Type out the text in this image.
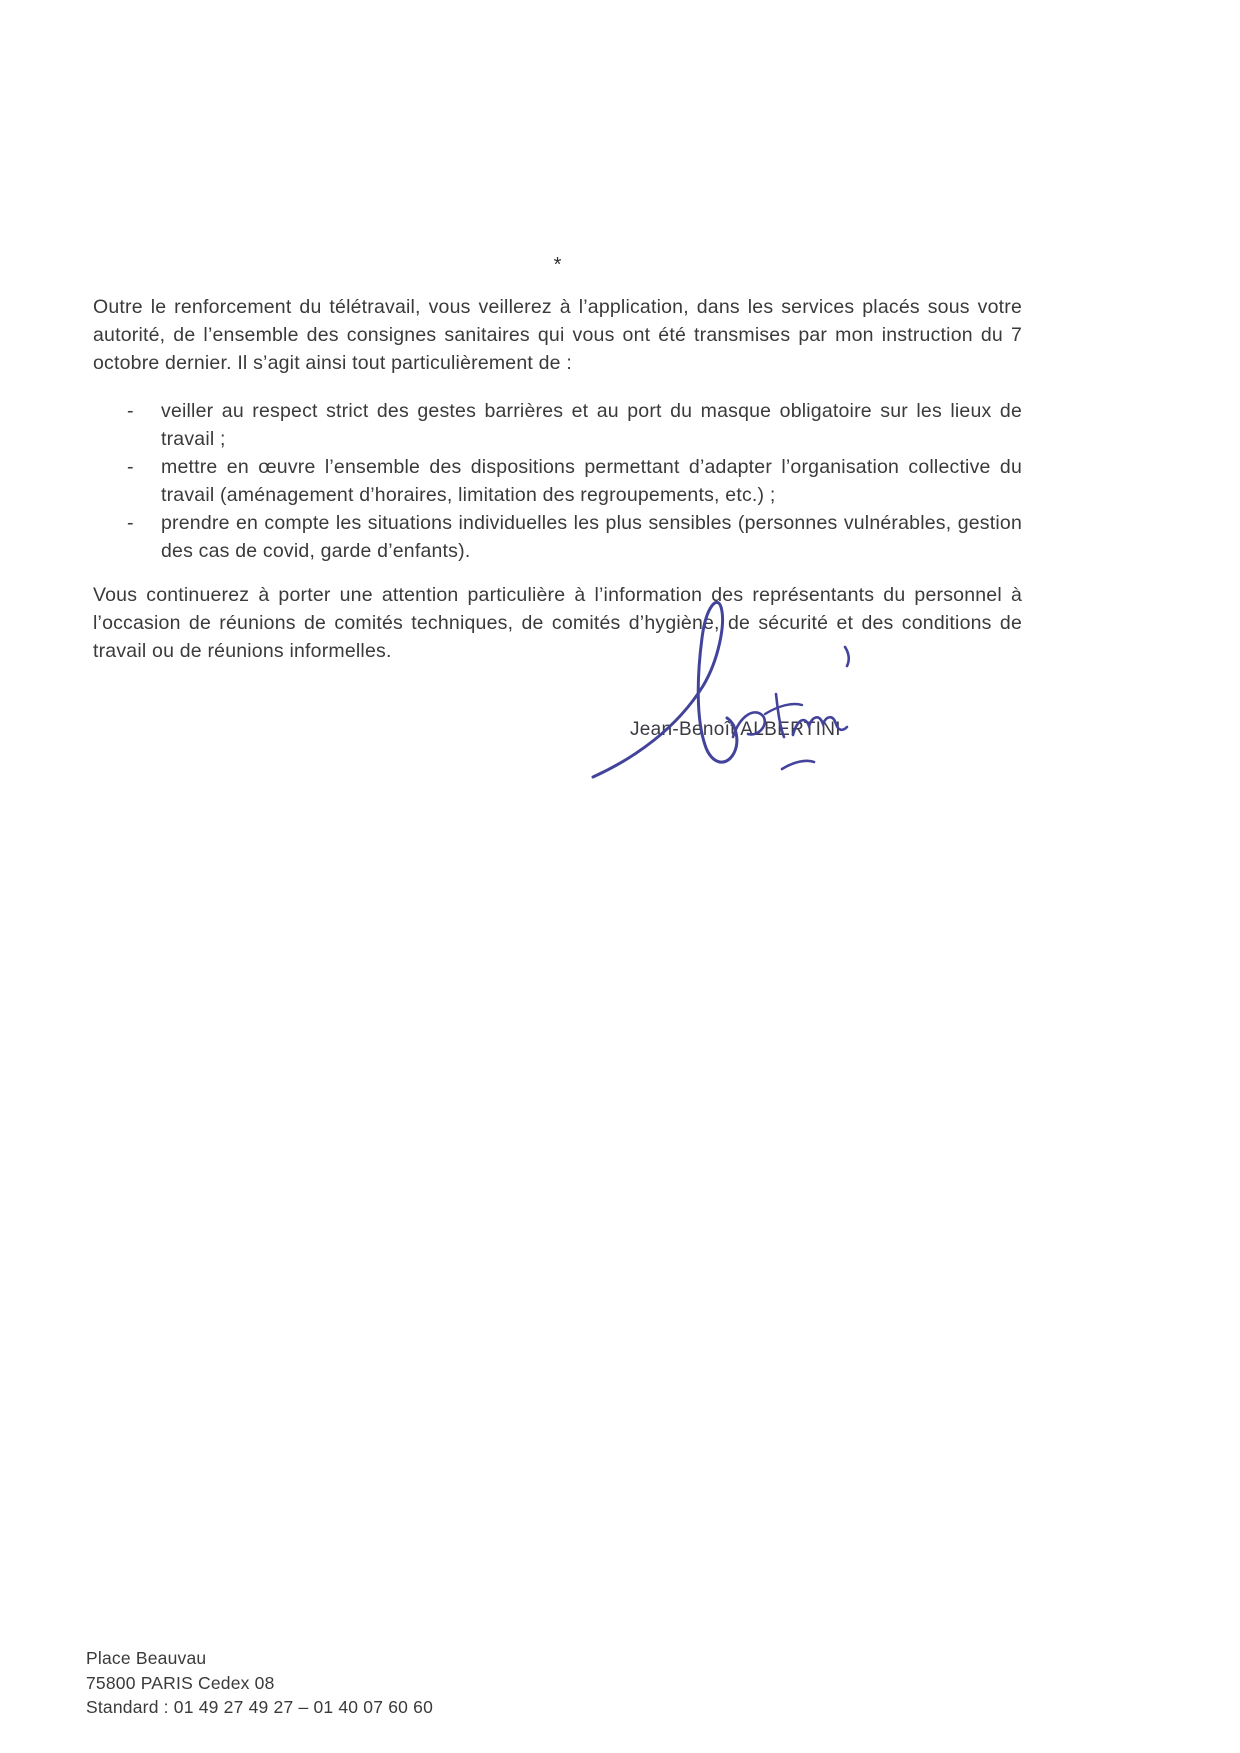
*

Outre le renforcement du télétravail, vous veillerez à l’application, dans les services placés sous votre autorité, de l’ensemble des consignes sanitaires qui vous ont été transmises par mon instruction du 7 octobre dernier. Il s’agit ainsi tout particulièrement de :

-	veiller au respect strict des gestes barrières et au port du masque obligatoire sur les lieux de travail ;
-	mettre en œuvre l’ensemble des dispositions permettant d’adapter l’organisation collective du travail (aménagement d’horaires, limitation des regroupements, etc.) ;
-	prendre en compte les situations individuelles les plus sensibles (personnes vulnérables, gestion des cas de covid, garde d’enfants).

Vous continuerez à porter une attention particulière à l’information des représentants du personnel à l’occasion de réunions de comités techniques, de comités d’hygiène, de sécurité et des conditions de travail ou de réunions informelles.

Jean-Benoît ALBERTINI
Place Beauvau
75800 PARIS Cedex 08
Standard : 01 49 27 49 27 – 01 40 07 60 60
